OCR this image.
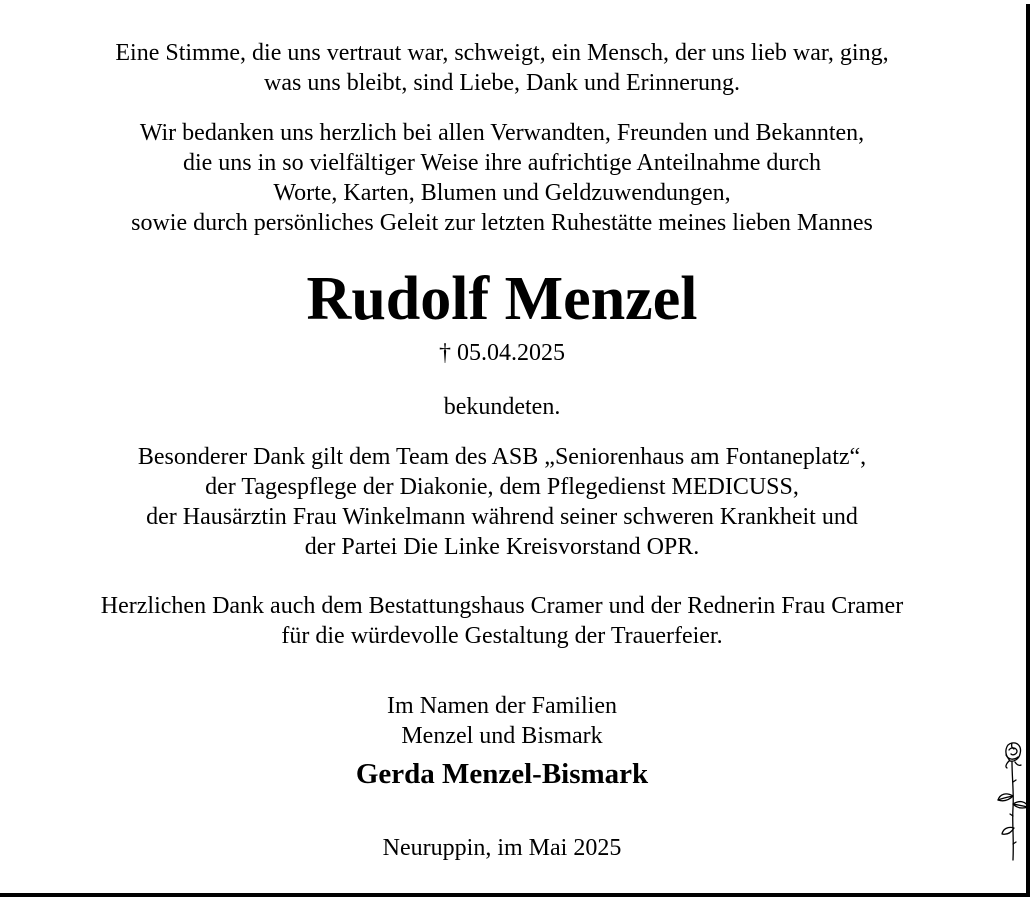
Eine Stimme, die uns vertraut war, schweigt, ein Mensch, der uns lieb war, ging,
was uns bleibt, sind Liebe, Dank und Erinnerung.
Wir bedanken uns herzlich bei allen Verwandten, Freunden und Bekannten,
die uns in so vielfältiger Weise ihre aufrichtige Anteilnahme durch
Worte, Karten, Blumen und Geldzuwendungen,
sowie durch persönliches Geleit zur letzten Ruhestätte meines lieben Mannes
Rudolf Menzel
† 05.04.2025
bekundeten.
Besonderer Dank gilt dem Team des ASB „Seniorenhaus am Fontaneplatz“,
der Tagespflege der Diakonie, dem Pflegedienst MEDICUSS,
der Hausärztin Frau Winkelmann während seiner schweren Krankheit und
der Partei Die Linke Kreisvorstand OPR.
Herzlichen Dank auch dem Bestattungshaus Cramer und der Rednerin Frau Cramer
für die würdevolle Gestaltung der Trauerfeier.
Im Namen der Familien
Menzel und Bismark
Gerda Menzel-Bismark
Neuruppin, im Mai 2025
